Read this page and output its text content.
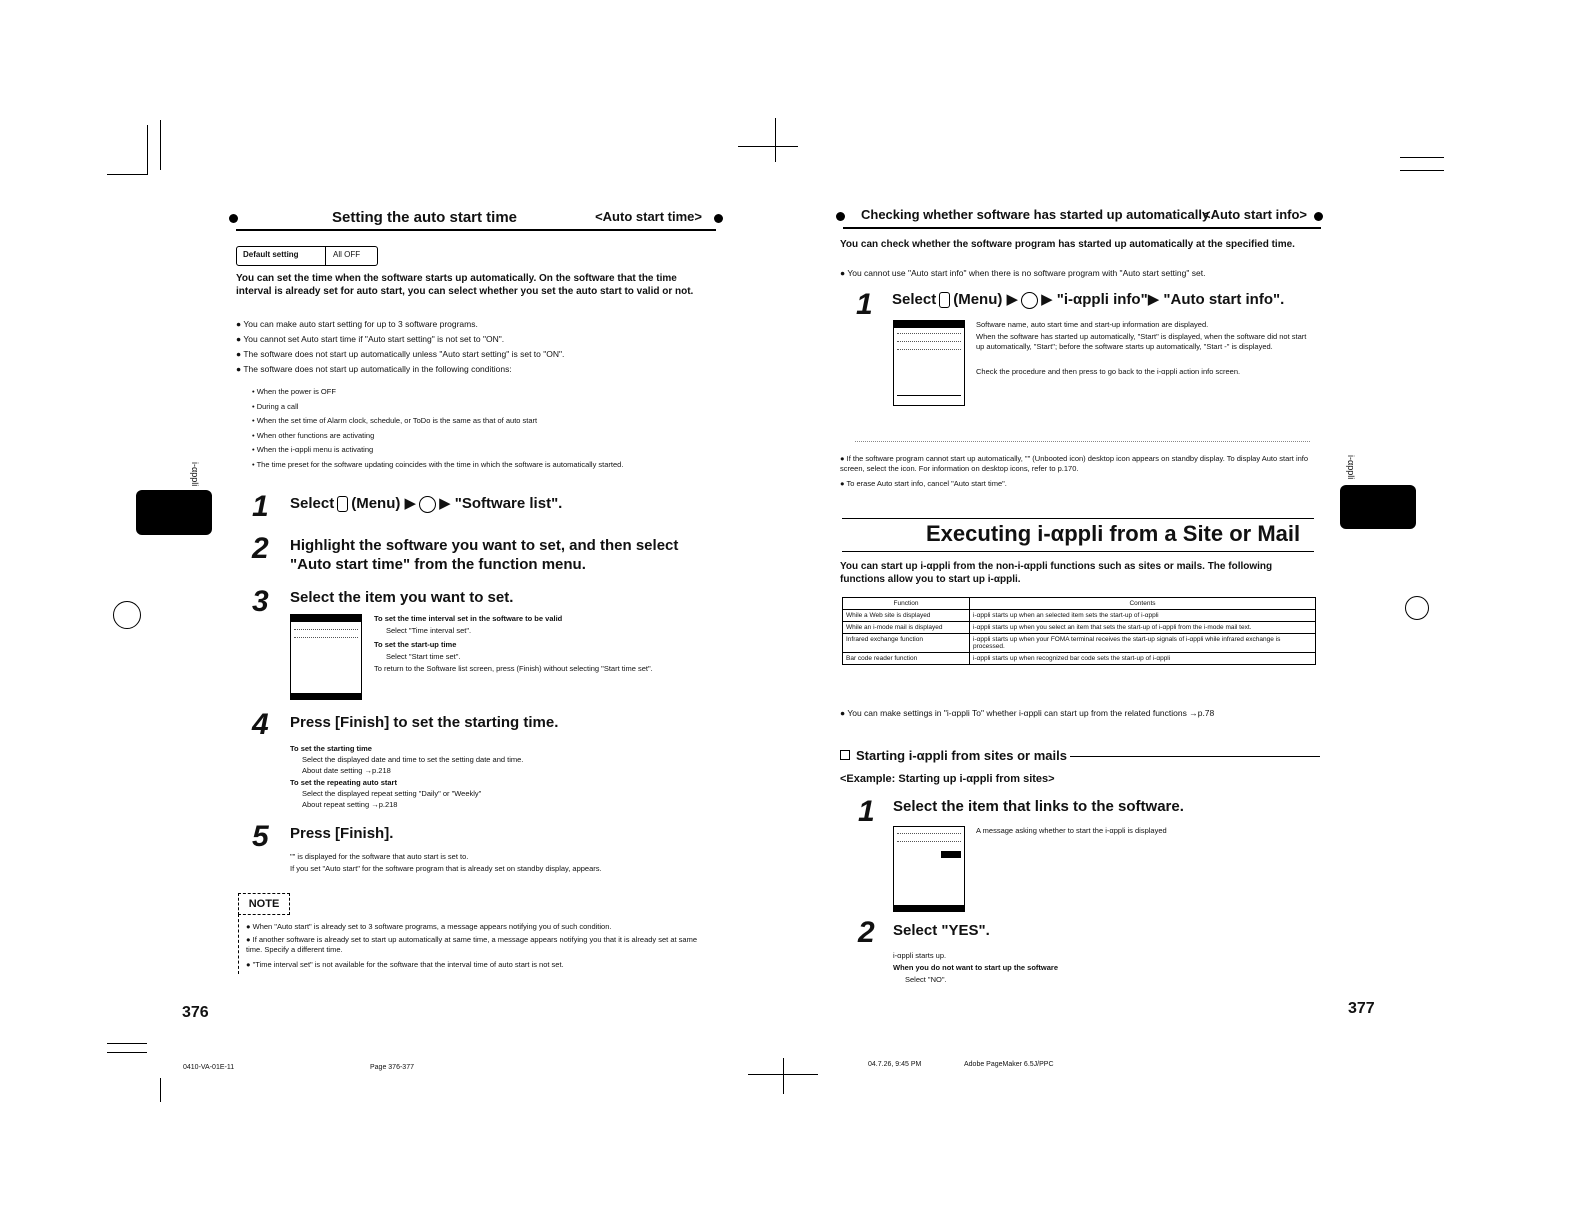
i-αppli	i-αppli
Setting the auto start time	<Auto start time>
Default setting	All OFF
You can set the time when the software starts up automatically. On the software that the time interval is already set for auto start, you can select whether you set the auto start to valid or not.
● You can make auto start setting for up to 3 software programs.
● You cannot set Auto start time if "Auto start setting" is not set to "ON".
● The software does not start up automatically unless "Auto start setting" is set to "ON".
● The software does not start up automatically in the following conditions:
• When the power is OFF
• During a call
• When the set time of Alarm clock, schedule, or ToDo is the same as that of auto start
• When other functions are activating
• When the i-αppli menu is activating
• The time preset for the software updating coincides with the time in which the software is automatically started.
1 Select (Menu) ▶ ▶ "Software list".
2 Highlight the software you want to set, and then select "Auto start time" from the function menu.
3 Select the item you want to set.
To set the time interval set in the software to be valid
Select "Time interval set".
To set the start-up time
Select "Start time set".
To return to the Software list screen, press (Finish) without selecting "Start time set".
4 Press [Finish] to set the starting time.
To set the starting time
Select the displayed date and time to set the setting date and time.
About date setting →p.218
To set the repeating auto start
Select the displayed repeat setting "Daily" or "Weekly"
About repeat setting →p.218
5 Press [Finish].
"" is displayed for the software that auto start is set to.
If you set "Auto start" for the software program that is already set on standby display, appears.
NOTE
● When "Auto start" is already set to 3 software programs, a message appears notifying you of such condition.
● If another software is already set to start up automatically at same time, a message appears notifying you that it is already set at same time. Specify a different time.
● "Time interval set" is not available for the software that the interval time of auto start is not set.
376
0410-VA-01E-11	Page 376-377
Checking whether software has started up automatically
<Auto start info>
You can check whether the software program has started up automatically at the specified time.
● You cannot use "Auto start info" when there is no software program with "Auto start setting" set.
1 Select (Menu) ▶ ▶ "i-αppli info"▶ "Auto start info".
Software name, auto start time and start-up information are displayed.
When the software has started up automatically, "Start" is displayed, when the software did not start up automatically, "Start"; before the software starts up automatically, "Start -" is displayed.
Check the procedure and then press to go back to the i-αppli action info screen.
● If the software program cannot start up automatically, "" (Unbooted icon) desktop icon appears on standby display. To display Auto start info screen, select the icon. For information on desktop icons, refer to p.170.
● To erase Auto start info, cancel "Auto start time".
Executing i-αppli from a Site or Mail
You can start up i-αppli from the non-i-αppli functions such as sites or mails. The following functions allow you to start up i-αppli.
Function	Contents
While a Web site is displayed	i-αppli starts up when an selected item sets the start-up of i-αppli
While an i-mode mail is displayed	i-αppli starts up when you select an item that sets the start-up of i-αppli from the i-mode mail text.
Infrared exchange function	i-αppli starts up when your FOMA terminal receives the start-up signals of i-αppli while infrared exchange is processed.
Bar code reader function	i-αppli starts up when recognized bar code sets the start-up of i-αppli
● You can make settings in "i-αppli To" whether i-αppli can start up from the related functions →p.78
Starting i-αppli from sites or mails
<Example: Starting up i-αppli from sites>
1 Select the item that links to the software.
A message asking whether to start the i-αppli is displayed
2 Select "YES".
i-αppli starts up.
When you do not want to start up the software
Select "NO".
377
04.7.26, 9:45 PM	Adobe PageMaker 6.5J/PPC
